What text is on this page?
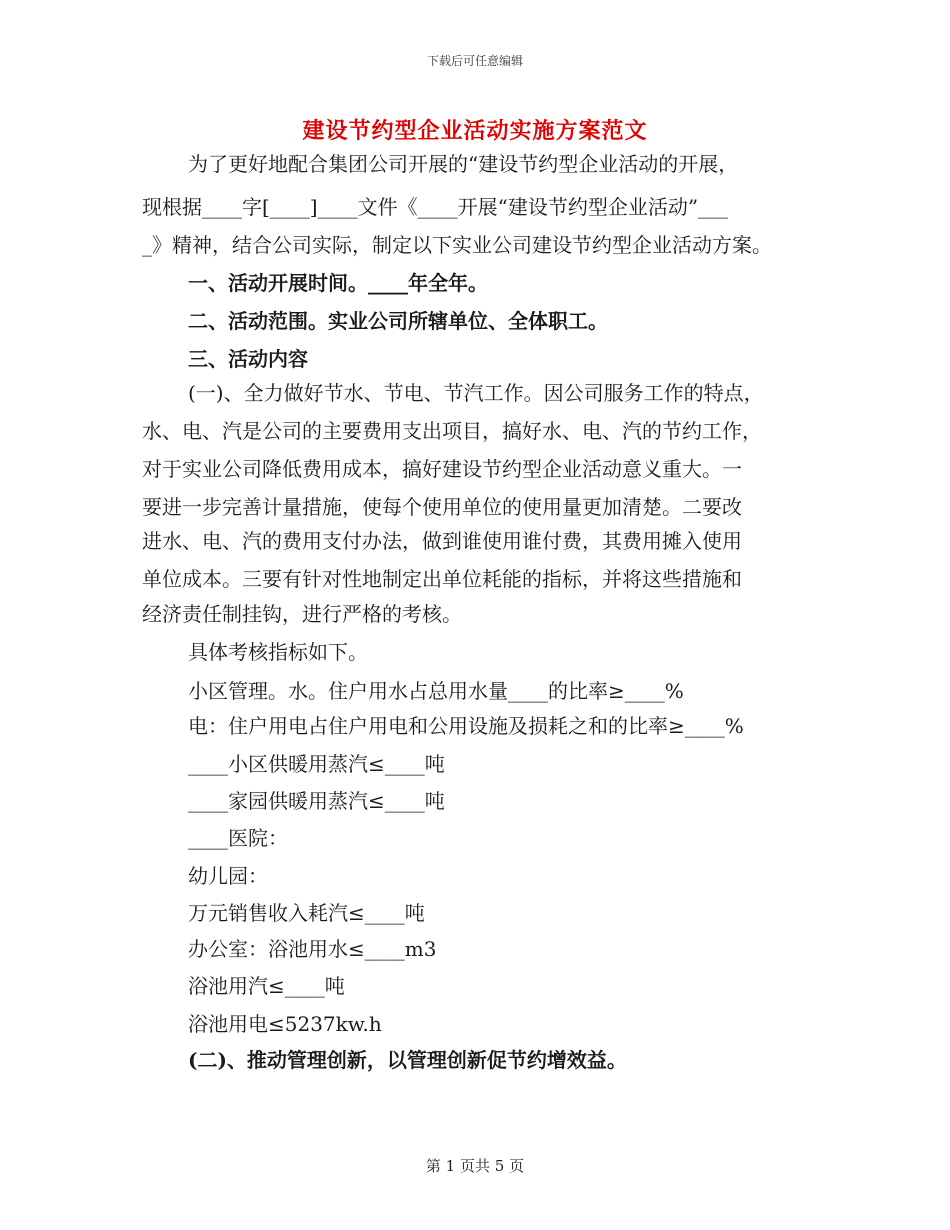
下载后可任意编辑
建设节约型企业活动实施方案范文
为了更好地配合集团公司开展的“建设节约型企业活动的开展，
现根据____字[____]____文件《____开展“建设节约型企业活动”___
_》精神，结合公司实际，制定以下实业公司建设节约型企业活动方案。
一、活动开展时间。____年全年。
二、活动范围。实业公司所辖单位、全体职工。
三、活动内容
(一)、全力做好节水、节电、节汽工作。因公司服务工作的特点，
水、电、汽是公司的主要费用支出项目，搞好水、电、汽的节约工作，
对于实业公司降低费用成本，搞好建设节约型企业活动意义重大。一
要进一步完善计量措施，使每个使用单位的使用量更加清楚。二要改
进水、电、汽的费用支付办法，做到谁使用谁付费，其费用摊入使用
单位成本。三要有针对性地制定出单位耗能的指标，并将这些措施和
经济责任制挂钩，进行严格的考核。
具体考核指标如下。
小区管理。水。住户用水占总用水量____的比率≥____%
电：住户用电占住户用电和公用设施及损耗之和的比率≥____%
____小区供暖用蒸汽≤____吨
____家园供暖用蒸汽≤____吨
____医院：
幼儿园：
万元销售收入耗汽≤____吨
办公室：浴池用水≤____m3
浴池用汽≤____吨
浴池用电≤5237kw.h
(二)、推动管理创新，以管理创新促节约增效益。
第 1 页共 5 页
